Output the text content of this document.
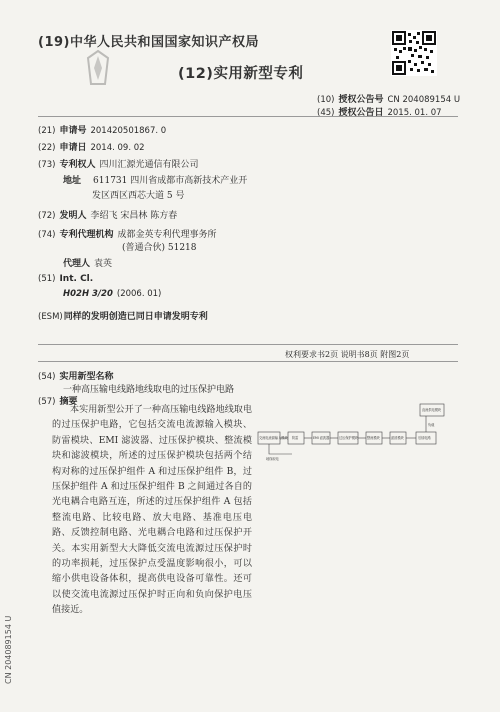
(19)中华人民共和国国家知识产权局
(12)实用新型专利
(10) 授权公告号 CN 204089154 U
(45) 授权公告日 2015. 01. 07
(21) 申请号 201420501867. 0
(22) 申请日 2014. 09. 02
(73) 专利权人 四川汇源光通信有限公司
地址 611731 四川省成都市高新技术产业开
发区西区西芯大道 5 号
(72) 发明人 李绍飞 宋昌林 陈方春
(74) 专利代理机构 成都金英专利代理事务所
(普通合伙) 51218
代理人 袁英
(51) Int. Cl.
H02H 3/20 (2006. 01)
(ESM) 同样的发明创造已同日申请发明专利
权利要求书2页 说明书8页 附图2页
(54) 实用新型名称
一种高压输电线路地线取电的过压保护电路
(57) 摘要
本实用新型公开了一种高压输电线路地线取电的过压保护电路，它包括交流电流源输入模块、防雷模块、EMI 滤波器、过压保护模块、整流模块和滤波模块，所述的过压保护模块包括两个结构对称的过压保护组件 A 和过压保护组件 B，过压保护组件 A 和过压保护组件 B 之间通过各自的光电耦合电路互连，所述的过压保护组件 A 包括整流电路、比较电路、放大电路、基准电压电路、反馈控制电路、光电耦合电路和过压保护开关。本实用新型大大降低交流电流源过压保护时的功率损耗，过压保护点受温度影响很小，可以缩小供电设备体积，提高供电设备可靠性。还可以使交流电流源过压保护时正向和负向保护电压值接近。
直流供电模块
交流电流源输入模块 防雷	EMI 滤波器	过压保护模块	整流模块	滤波模块	后续电路
负载
地线取电
CN 204089154 U
